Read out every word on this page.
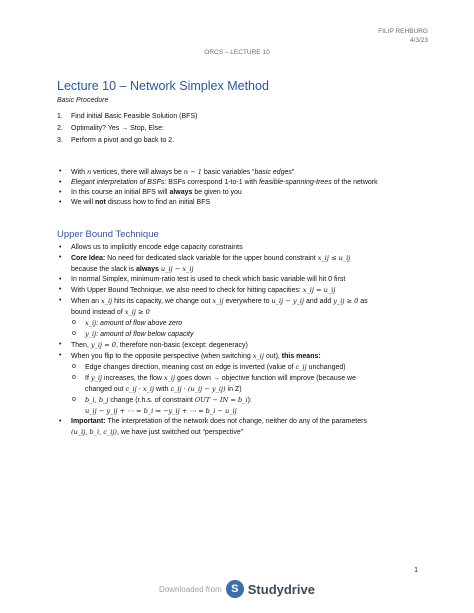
FILIP REHBURG
4/3/23
ORCS – LECTURE 10
Lecture 10 – Network Simplex Method
Basic Procedure
1. Find initial Basic Feasible Solution (BFS)
2. Optimality? Yes → Stop, Else:
3. Perform a pivot and go back to 2.
• With n vertices, there will always be n − 1 basic variables “basic edges”
• Elegant interpretation of BSFs: BSFs correspond 1-to-1 with feasible-spanning-trees of the network
• In this course an initial BFS will always be given to you
• We will not discuss how to find an initial BFS
Upper Bound Technique
• Allows us to implicitly encode edge capacity constraints
• Core Idea: No need for dedicated slack variable for the upper bound constraint x_ij ≤ u_ij
because the slack is always u_ij − x_ij
• In normal Simplex, minimum-ratio test is used to check which basic variable will hit 0 first
• With Upper Bound Technique, we also need to check for hitting capacities: x_ij = u_ij
• When an x_ij hits its capacity, we change out x_ij everywhere to u_ij − y_ij and add y_ij ≥ 0 as
bound instead of x_ij ≥ 0
o x_ij: amount of flow above zero
o y_ij: amount of flow below capacity
• Then, y_ij = 0, therefore non-basic (except: degeneracy)
• When you flip to the opposite perspective (when switching x_ij out), this means:
o Edge changes direction, meaning cost on edge is inverted (value of c_ij unchanged)
o If y_ij increases, the flow x_ij goes down → objective function will improve (because we
changed out c_ij · x_ij with c_ij · (u_ij − y_ij) in Z)
o b_i, b_j change (r.h.s. of constraint OUT − IN = b_i):
u_ij − y_ij + ⋯ = b_i ⇒ −y_ij + ⋯ = b_i − u_ij
• Important: The interpretation of the network does not change, neither do any of the parameters
(u_ij, b_i, c_ij), we have just switched out “perspective”
1
Downloaded from S Studydrive
